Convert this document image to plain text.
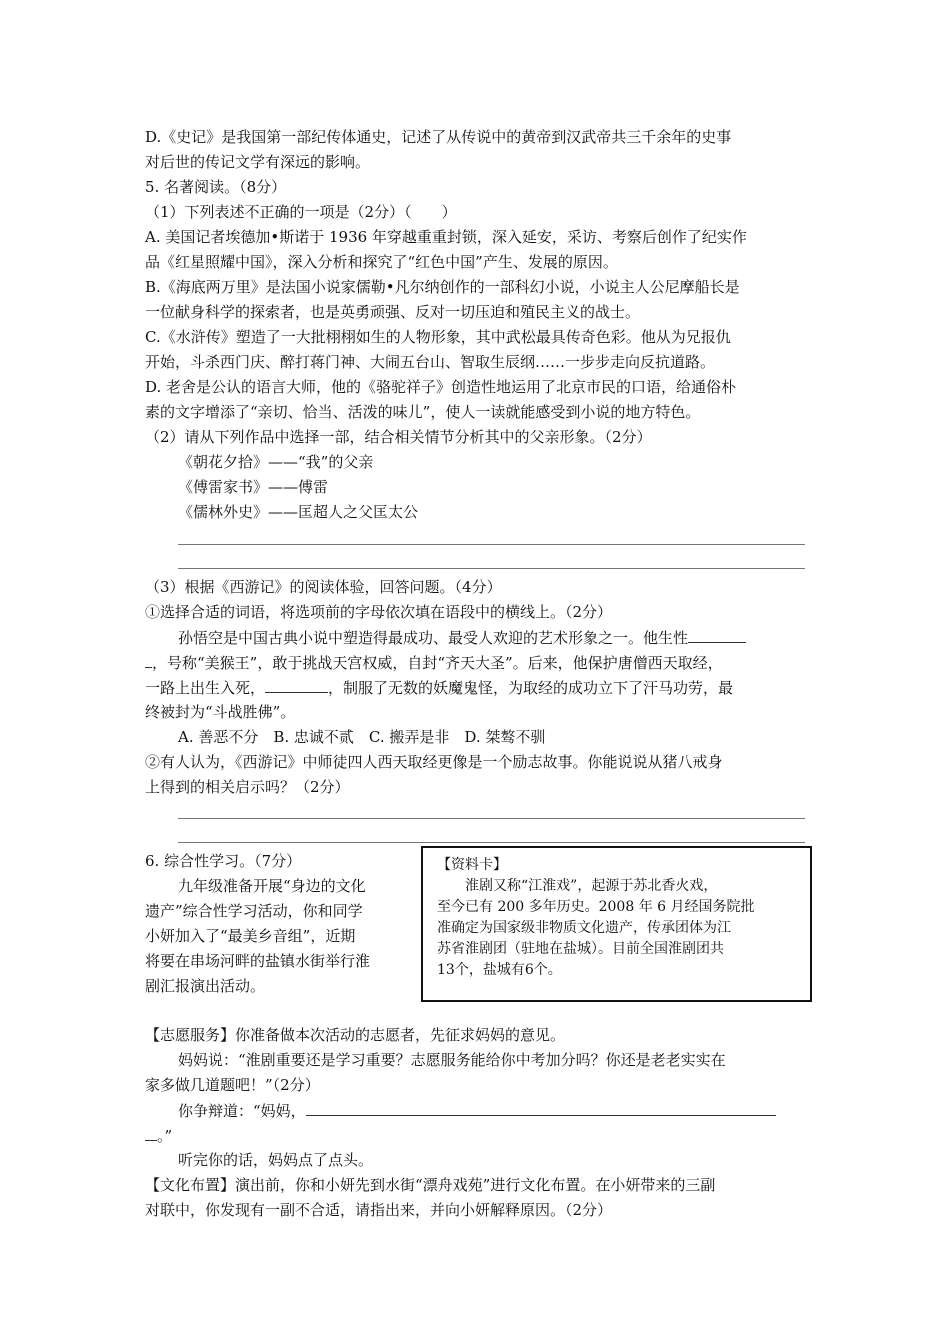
D.《史记》是我国第一部纪传体通史，记述了从传说中的黄帝到汉武帝共三千余年的史事
对后世的传记文学有深远的影响。
5. 名著阅读。（8分）
（1）下列表述不正确的一项是（2分）（　　）
A. 美国记者埃德加•斯诺于 1936 年穿越重重封锁，深入延安，采访、考察后创作了纪实作
品《红星照耀中国》，深入分析和探究了“红色中国”产生、发展的原因。
B.《海底两万里》是法国小说家儒勒•凡尔纳创作的一部科幻小说，小说主人公尼摩船长是
一位献身科学的探索者，也是英勇顽强、反对一切压迫和殖民主义的战士。
C.《水浒传》塑造了一大批栩栩如生的人物形象，其中武松最具传奇色彩。他从为兄报仇
开始，斗杀西门庆、醉打蒋门神、大闹五台山、智取生辰纲……一步步走向反抗道路。
D. 老舍是公认的语言大师，他的《骆驼祥子》创造性地运用了北京市民的口语，给通俗朴
素的文字增添了“亲切、恰当、活泼的味儿”，使人一读就能感受到小说的地方特色。
（2）请从下列作品中选择一部，结合相关情节分析其中的父亲形象。（2分）
《朝花夕拾》——“我”的父亲
《傅雷家书》——傅雷
《儒林外史》——匡超人之父匡太公
（3）根据《西游记》的阅读体验，回答问题。（4分）
①选择合适的词语，将选项前的字母依次填在语段中的横线上。（2分）
孙悟空是中国古典小说中塑造得最成功、最受人欢迎的艺术形象之一。他生性
，号称“美猴王”，敢于挑战天宫权威，自封“齐天大圣”。后来，他保护唐僧西天取经，
一路上出生入死，	，制服了无数的妖魔鬼怪，为取经的成功立下了汗马功劳，最
终被封为“斗战胜佛”。
A. 善恶不分　B. 忠诚不贰　C. 搬弄是非　D. 桀骜不驯
②有人认为，《西游记》中师徒四人西天取经更像是一个励志故事。你能说说从猪八戒身
上得到的相关启示吗？（2分）
6. 综合性学习。（7分）
九年级准备开展“身边的文化
遗产”综合性学习活动，你和同学
小妍加入了“最美乡音组”，近期
将要在串场河畔的盐镇水街举行淮
剧汇报演出活动。
【资料卡】
淮剧又称“江淮戏”，起源于苏北香火戏，
至今已有 200 多年历史。2008 年 6 月经国务院批
准确定为国家级非物质文化遗产，传承团体为江
苏省淮剧团（驻地在盐城）。目前全国淮剧团共
13个，盐城有6个。
【志愿服务】你准备做本次活动的志愿者，先征求妈妈的意见。
妈妈说：“淮剧重要还是学习重要？志愿服务能给你中考加分吗？你还是老老实实在
家多做几道题吧！”（2分）
你争辩道：“妈妈，
。”
听完你的话，妈妈点了点头。
【文化布置】演出前，你和小妍先到水街“漂舟戏苑”进行文化布置。在小妍带来的三副
对联中，你发现有一副不合适，请指出来，并向小妍解释原因。（2分）
